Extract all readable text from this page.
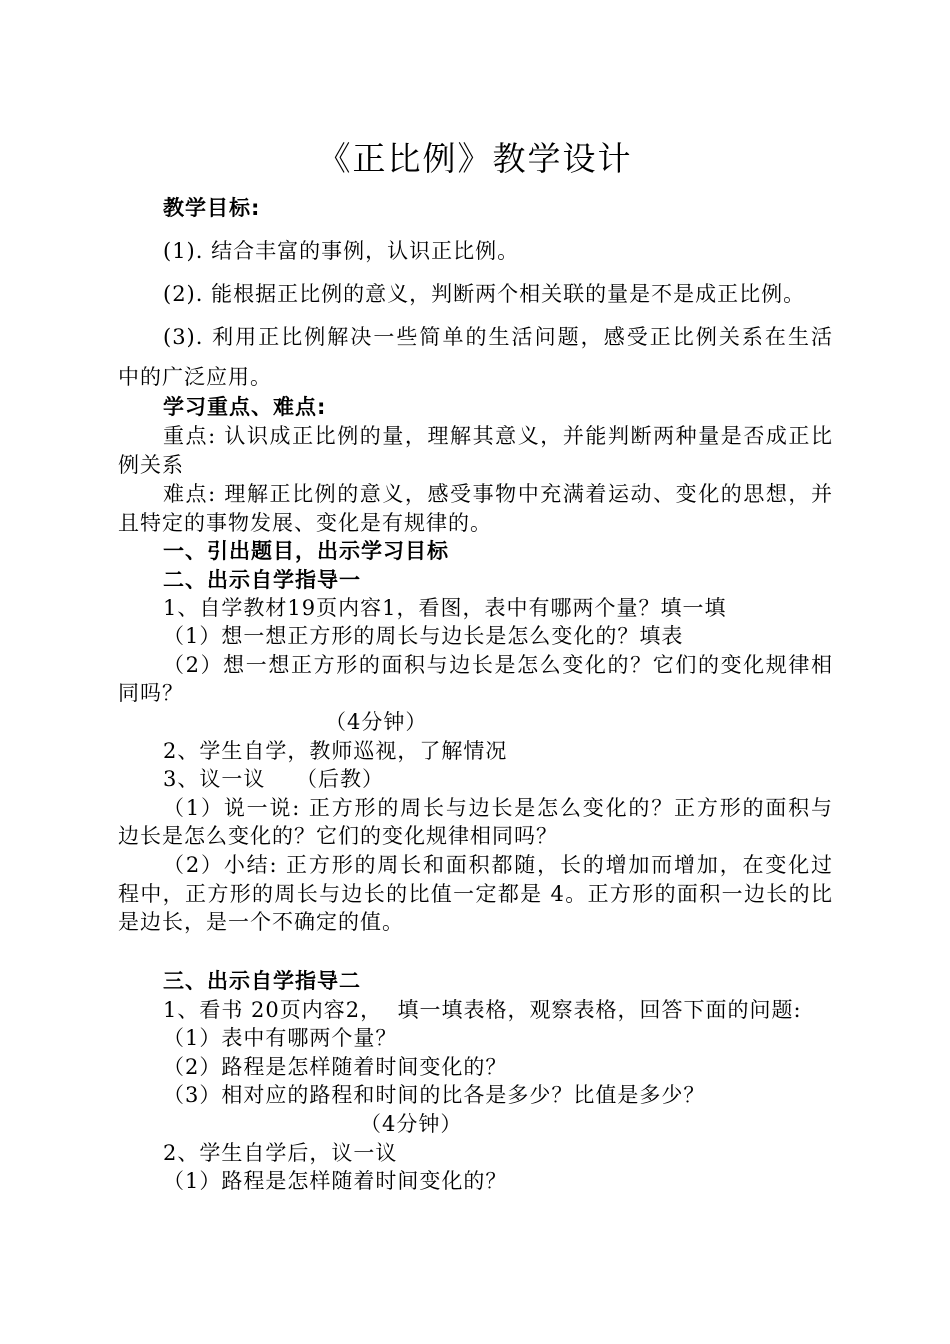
《正比例》教学设计
教学目标:
(1). 结合丰富的事例，认识正比例。
(2). 能根据正比例的意义，判断两个相关联的量是不是成正比例。
(3). 利用正比例解决一些简单的生活问题，感受正比例关系在生活
中的广泛应用。
学习重点、难点:
重点: 认识成正比例的量，理解其意义，并能判断两种量是否成正比
例关系
难点: 理解正比例的意义，感受事物中充满着运动、变化的思想，并
且特定的事物发展、变化是有规律的。
一、引出题目，出示学习目标
二、出示自学指导一
1、自学教材19页内容1，看图，表中有哪两个量？填一填
（1）想一想正方形的周长与边长是怎么变化的？填表
（2）想一想正方形的面积与边长是怎么变化的？它们的变化规律相
同吗？
（4分钟）
2、学生自学，教师巡视，了解情况
3、议一议    （后教）
（1）说一说: 正方形的周长与边长是怎么变化的？正方形的面积与
边长是怎么变化的？它们的变化规律相同吗？
（2）小结: 正方形的周长和面积都随，长的增加而增加，在变化过
程中，正方形的周长与边长的比值一定都是 4。正方形的面积一边长的比
是边长，是一个不确定的值。
三、出示自学指导二
1、看书 20页内容2，  填一填表格，观察表格，回答下面的问题:
（1）表中有哪两个量？
（2）路程是怎样随着时间变化的？
（3）相对应的路程和时间的比各是多少？比值是多少？
（4分钟）
2、学生自学后，议一议
（1）路程是怎样随着时间变化的？
